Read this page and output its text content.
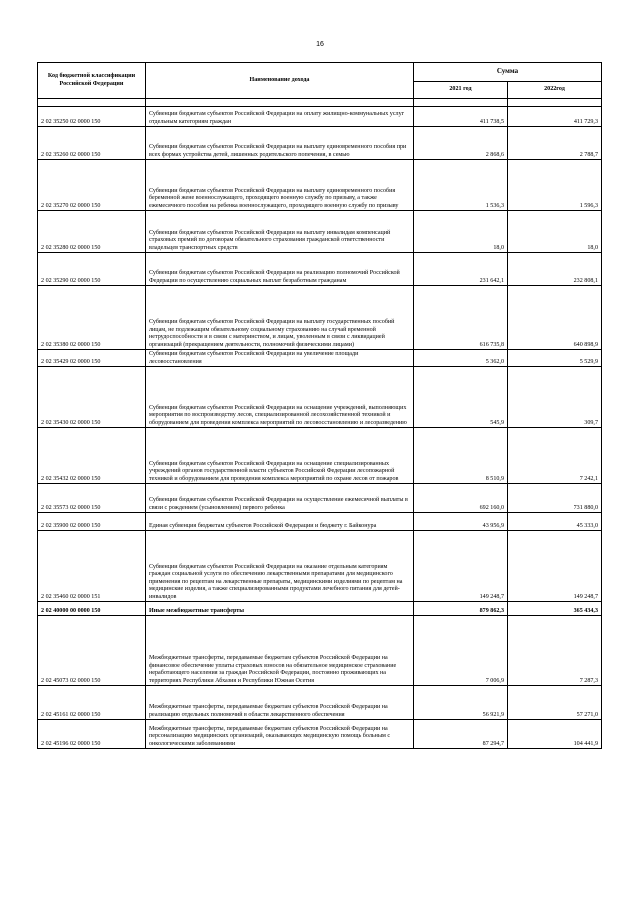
16
Код бюджетной классификации Российской Федерации	Наименование дохода	Сумма	
		2021 год	2022год

2 02 35250 02 0000 150	Субвенции бюджетам субъектов Российской Федерации на оплату жилищно-коммунальных услуг отдельным категориям граждан	411 738,5	411 729,3
2 02 35260 02 0000 150	Субвенции бюджетам субъектов Российской Федерации на выплату единовременного пособия при всех формах устройства детей, лишенных родительского попечения, в семью	2 868,6	2 788,7
2 02 35270 02 0000 150	Субвенции бюджетам субъектов Российской Федерации на выплату единовременного пособия беременной жене военнослужащего, проходящего военную службу по призыву, а также ежемесячного пособия на ребенка военнослужащего, проходящего военную службу по призыву	1 536,3	1 596,3
2 02 35280 02 0000 150	Субвенции бюджетам субъектов Российской Федерации на выплату инвалидам компенсаций страховых премий по договорам обязательного страхования гражданской ответственности владельцев транспортных средств	18,0	18,0
2 02 35290 02 0000 150	Субвенции бюджетам субъектов Российской Федерации на реализацию полномочий Российской Федерации по осуществлению социальных выплат безработным гражданам	231 642,1	232 808,1
2 02 35380 02 0000 150	Субвенции бюджетам субъектов Российской Федерации на выплату государственных пособий лицам, не подлежащим обязательному социальному страхованию на случай временной нетрудоспособности и в связи с материнством, и лицам, уволенным в связи с ликвидацией организаций (прекращением деятельности, полномочий физическими лицами)	616 735,8	640 898,9
2 02 35429 02 0000 150	Субвенции бюджетам субъектов Российской Федерации на увеличение площади лесовосстановления	5 362,0	5 529,9
2 02 35430 02 0000 150	Субвенции бюджетам субъектов Российской Федерации на оснащение учреждений, выполняющих мероприятия по воспроизводству лесов, специализированной лесохозяйственной техникой и оборудованием для проведения комплекса мероприятий по лесовосстановлению и лесоразведению	545,9	309,7
2 02 35432 02 0000 150	Субвенции бюджетам субъектов Российской Федерации на оснащение специализированных учреждений органов государственной власти субъектов Российской Федерации лесопожарной техникой и оборудованием для проведения комплекса мероприятий по охране лесов от пожаров	8 510,9	7 242,1
2 02 35573 02 0000 150	Субвенции бюджетам субъектов Российской Федерации на осуществление ежемесячной выплаты в связи с рождением (усыновлением) первого ребенка	692 160,0	731 880,0
2 02 35900 02 0000 150	Единая субвенция бюджетам субъектов Российской Федерации и бюджету г. Байконура	43 956,9	45 333,0
2 02 35460 02 0000 151	Субвенции бюджетам субъектов Российской Федерации на оказание отдельным категориям граждан социальной услуги по обеспечению лекарственными препаратами для медицинского применения по рецептам на лекарственные препараты, медицинскими изделиями по рецептам на медицинские изделия, а также специализированными продуктами лечебного питания для детей-инвалидов	149 248,7	149 248,7
2 02 40000 00 0000 150	Иные межбюджетные трансферты	879 862,3	365 434,3
2 02 45073 02 0000 150	Межбюджетные трансферты, передаваемые бюджетам субъектов Российской Федерации на финансовое обеспечение уплаты страховых взносов на обязательное медицинское страхование неработающего населения за граждан Российской Федерации, постоянно проживающих на территориях Республики Абхазия и Республики Южная Осетия	7 006,9	7 287,3
2 02 45161 02 0000 150	Межбюджетные трансферты, передаваемые бюджетам субъектов Российской Федерации на реализацию отдельных полномочий в области лекарственного обеспечения	56 921,9	57 271,0
2 02 45196 02 0000 150	Межбюджетные трансферты, передаваемые бюджетам субъектов Российской Федерации на персонализацию медицинских организаций, оказывающих медицинскую помощь больным с онкологическими заболеваниями	87 294,7	104 441,9
